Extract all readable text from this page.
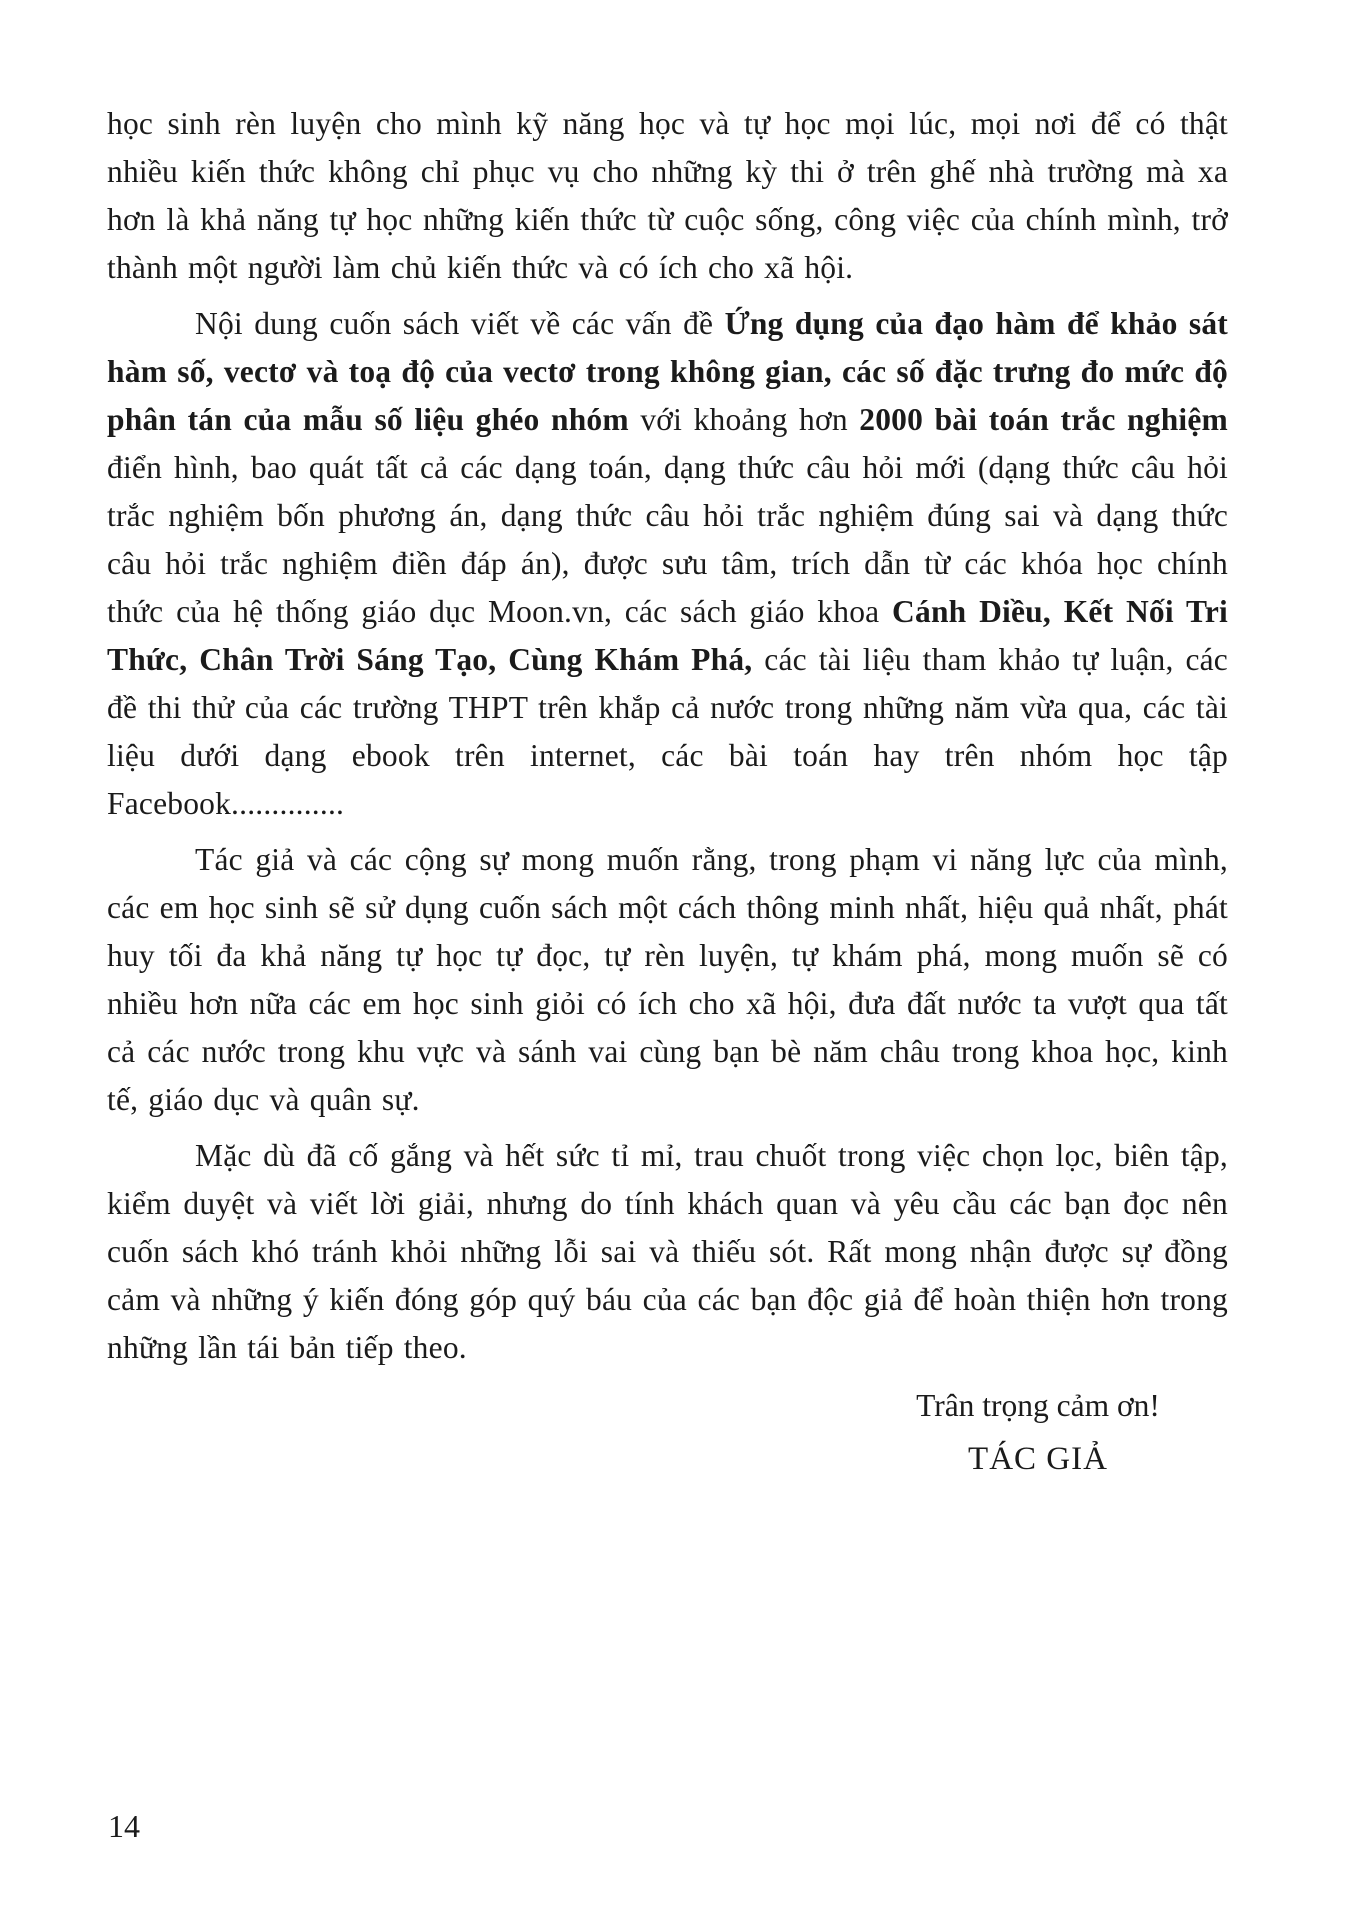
học sinh rèn luyện cho mình kỹ năng học và tự học mọi lúc, mọi nơi để có thật nhiều kiến thức không chỉ phục vụ cho những kỳ thi ở trên ghế nhà trường mà xa hơn là khả năng tự học những kiến thức từ cuộc sống, công việc của chính mình, trở thành một người làm chủ kiến thức và có ích cho xã hội.

Nội dung cuốn sách viết về các vấn đề Ứng dụng của đạo hàm để khảo sát hàm số, vectơ và toạ độ của vectơ trong không gian, các số đặc trưng đo mức độ phân tán của mẫu số liệu ghéo nhóm với khoảng hơn 2000 bài toán trắc nghiệm điển hình, bao quát tất cả các dạng toán, dạng thức câu hỏi mới (dạng thức câu hỏi trắc nghiệm bốn phương án, dạng thức câu hỏi trắc nghiệm đúng sai và dạng thức câu hỏi trắc nghiệm điền đáp án), được sưu tâm, trích dẫn từ các khóa học chính thức của hệ thống giáo dục Moon.vn, các sách giáo khoa Cánh Diều, Kết Nối Tri Thức, Chân Trời Sáng Tạo, Cùng Khám Phá, các tài liệu tham khảo tự luận, các đề thi thử của các trường THPT trên khắp cả nước trong những năm vừa qua, các tài liệu dưới dạng ebook trên internet, các bài toán hay trên nhóm học tập Facebook..............

Tác giả và các cộng sự mong muốn rằng, trong phạm vi năng lực của mình, các em học sinh sẽ sử dụng cuốn sách một cách thông minh nhất, hiệu quả nhất, phát huy tối đa khả năng tự học tự đọc, tự rèn luyện, tự khám phá, mong muốn sẽ có nhiều hơn nữa các em học sinh giỏi có ích cho xã hội, đưa đất nước ta vượt qua tất cả các nước trong khu vực và sánh vai cùng bạn bè năm châu trong khoa học, kinh tế, giáo dục và quân sự.

Mặc dù đã cố gắng và hết sức tỉ mỉ, trau chuốt trong việc chọn lọc, biên tập, kiểm duyệt và viết lời giải, nhưng do tính khách quan và yêu cầu các bạn đọc nên cuốn sách khó tránh khỏi những lỗi sai và thiếu sót. Rất mong nhận được sự đồng cảm và những ý kiến đóng góp quý báu của các bạn độc giả để hoàn thiện hơn trong những lần tái bản tiếp theo.

Trân trọng cảm ơn!

TÁC GIẢ

14
